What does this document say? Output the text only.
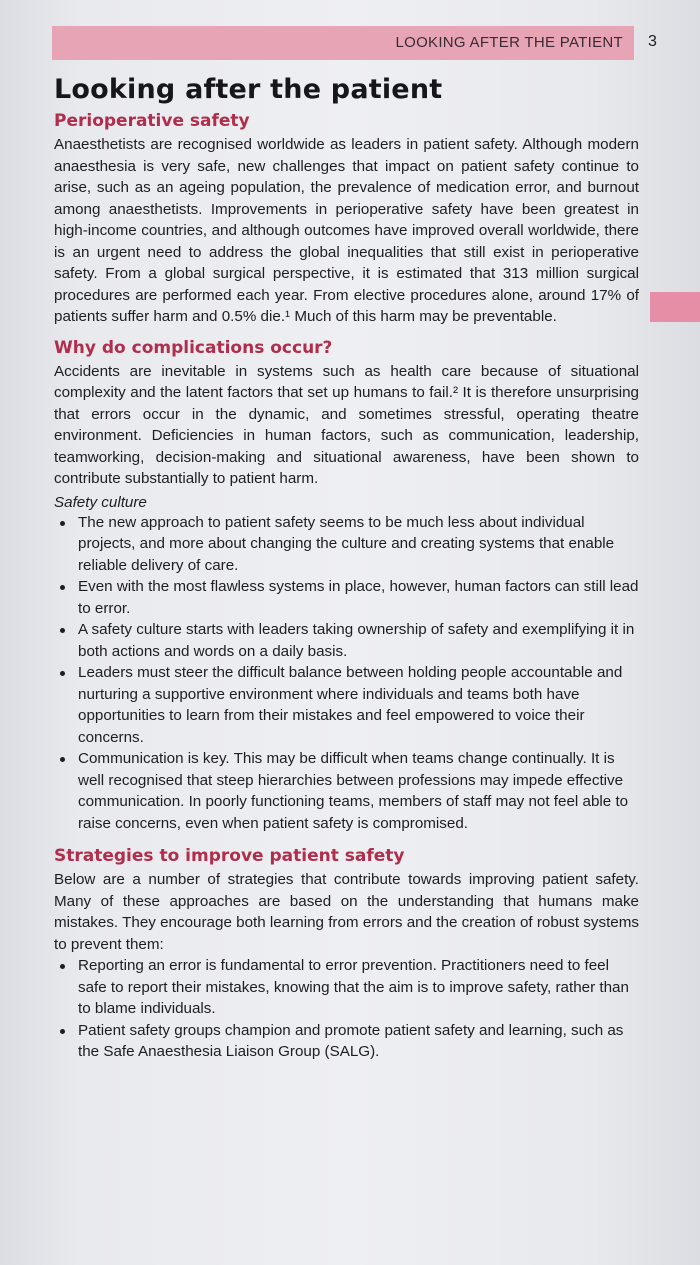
LOOKING AFTER THE PATIENT 3
Looking after the patient
Perioperative safety

Anaesthetists are recognised worldwide as leaders in patient safety. Although modern anaesthesia is very safe, new challenges that impact on patient safety continue to arise, such as an ageing population, the prevalence of medication error, and burnout among anaesthetists. Improvements in perioperative safety have been greatest in high-income countries, and although outcomes have improved overall worldwide, there is an urgent need to address the global inequalities that still exist in perioperative safety. From a global surgical perspective, it is estimated that 313 million surgical procedures are performed each year. From elective procedures alone, around 17% of patients suffer harm and 0.5% die.¹ Much of this harm may be preventable.

Why do complications occur?

Accidents are inevitable in systems such as health care because of situational complexity and the latent factors that set up humans to fail.² It is therefore unsurprising that errors occur in the dynamic, and sometimes stressful, operating theatre environment. Deficiencies in human factors, such as communication, leadership, teamworking, decision-making and situational awareness, have been shown to contribute substantially to patient harm.

Safety culture
The new approach to patient safety seems to be much less about individual projects, and more about changing the culture and creating systems that enable reliable delivery of care.
Even with the most flawless systems in place, however, human factors can still lead to error.
A safety culture starts with leaders taking ownership of safety and exemplifying it in both actions and words on a daily basis.
Leaders must steer the difficult balance between holding people accountable and nurturing a supportive environment where individuals and teams both have opportunities to learn from their mistakes and feel empowered to voice their concerns.
Communication is key. This may be difficult when teams change continually. It is well recognised that steep hierarchies between professions may impede effective communication. In poorly functioning teams, members of staff may not feel able to raise concerns, even when patient safety is compromised.
Strategies to improve patient safety

Below are a number of strategies that contribute towards improving patient safety. Many of these approaches are based on the understanding that humans make mistakes. They encourage both learning from errors and the creation of robust systems to prevent them:

Reporting an error is fundamental to error prevention. Practitioners need to feel safe to report their mistakes, knowing that the aim is to improve safety, rather than to blame individuals.
Patient safety groups champion and promote patient safety and learning, such as the Safe Anaesthesia Liaison Group (SALG).
